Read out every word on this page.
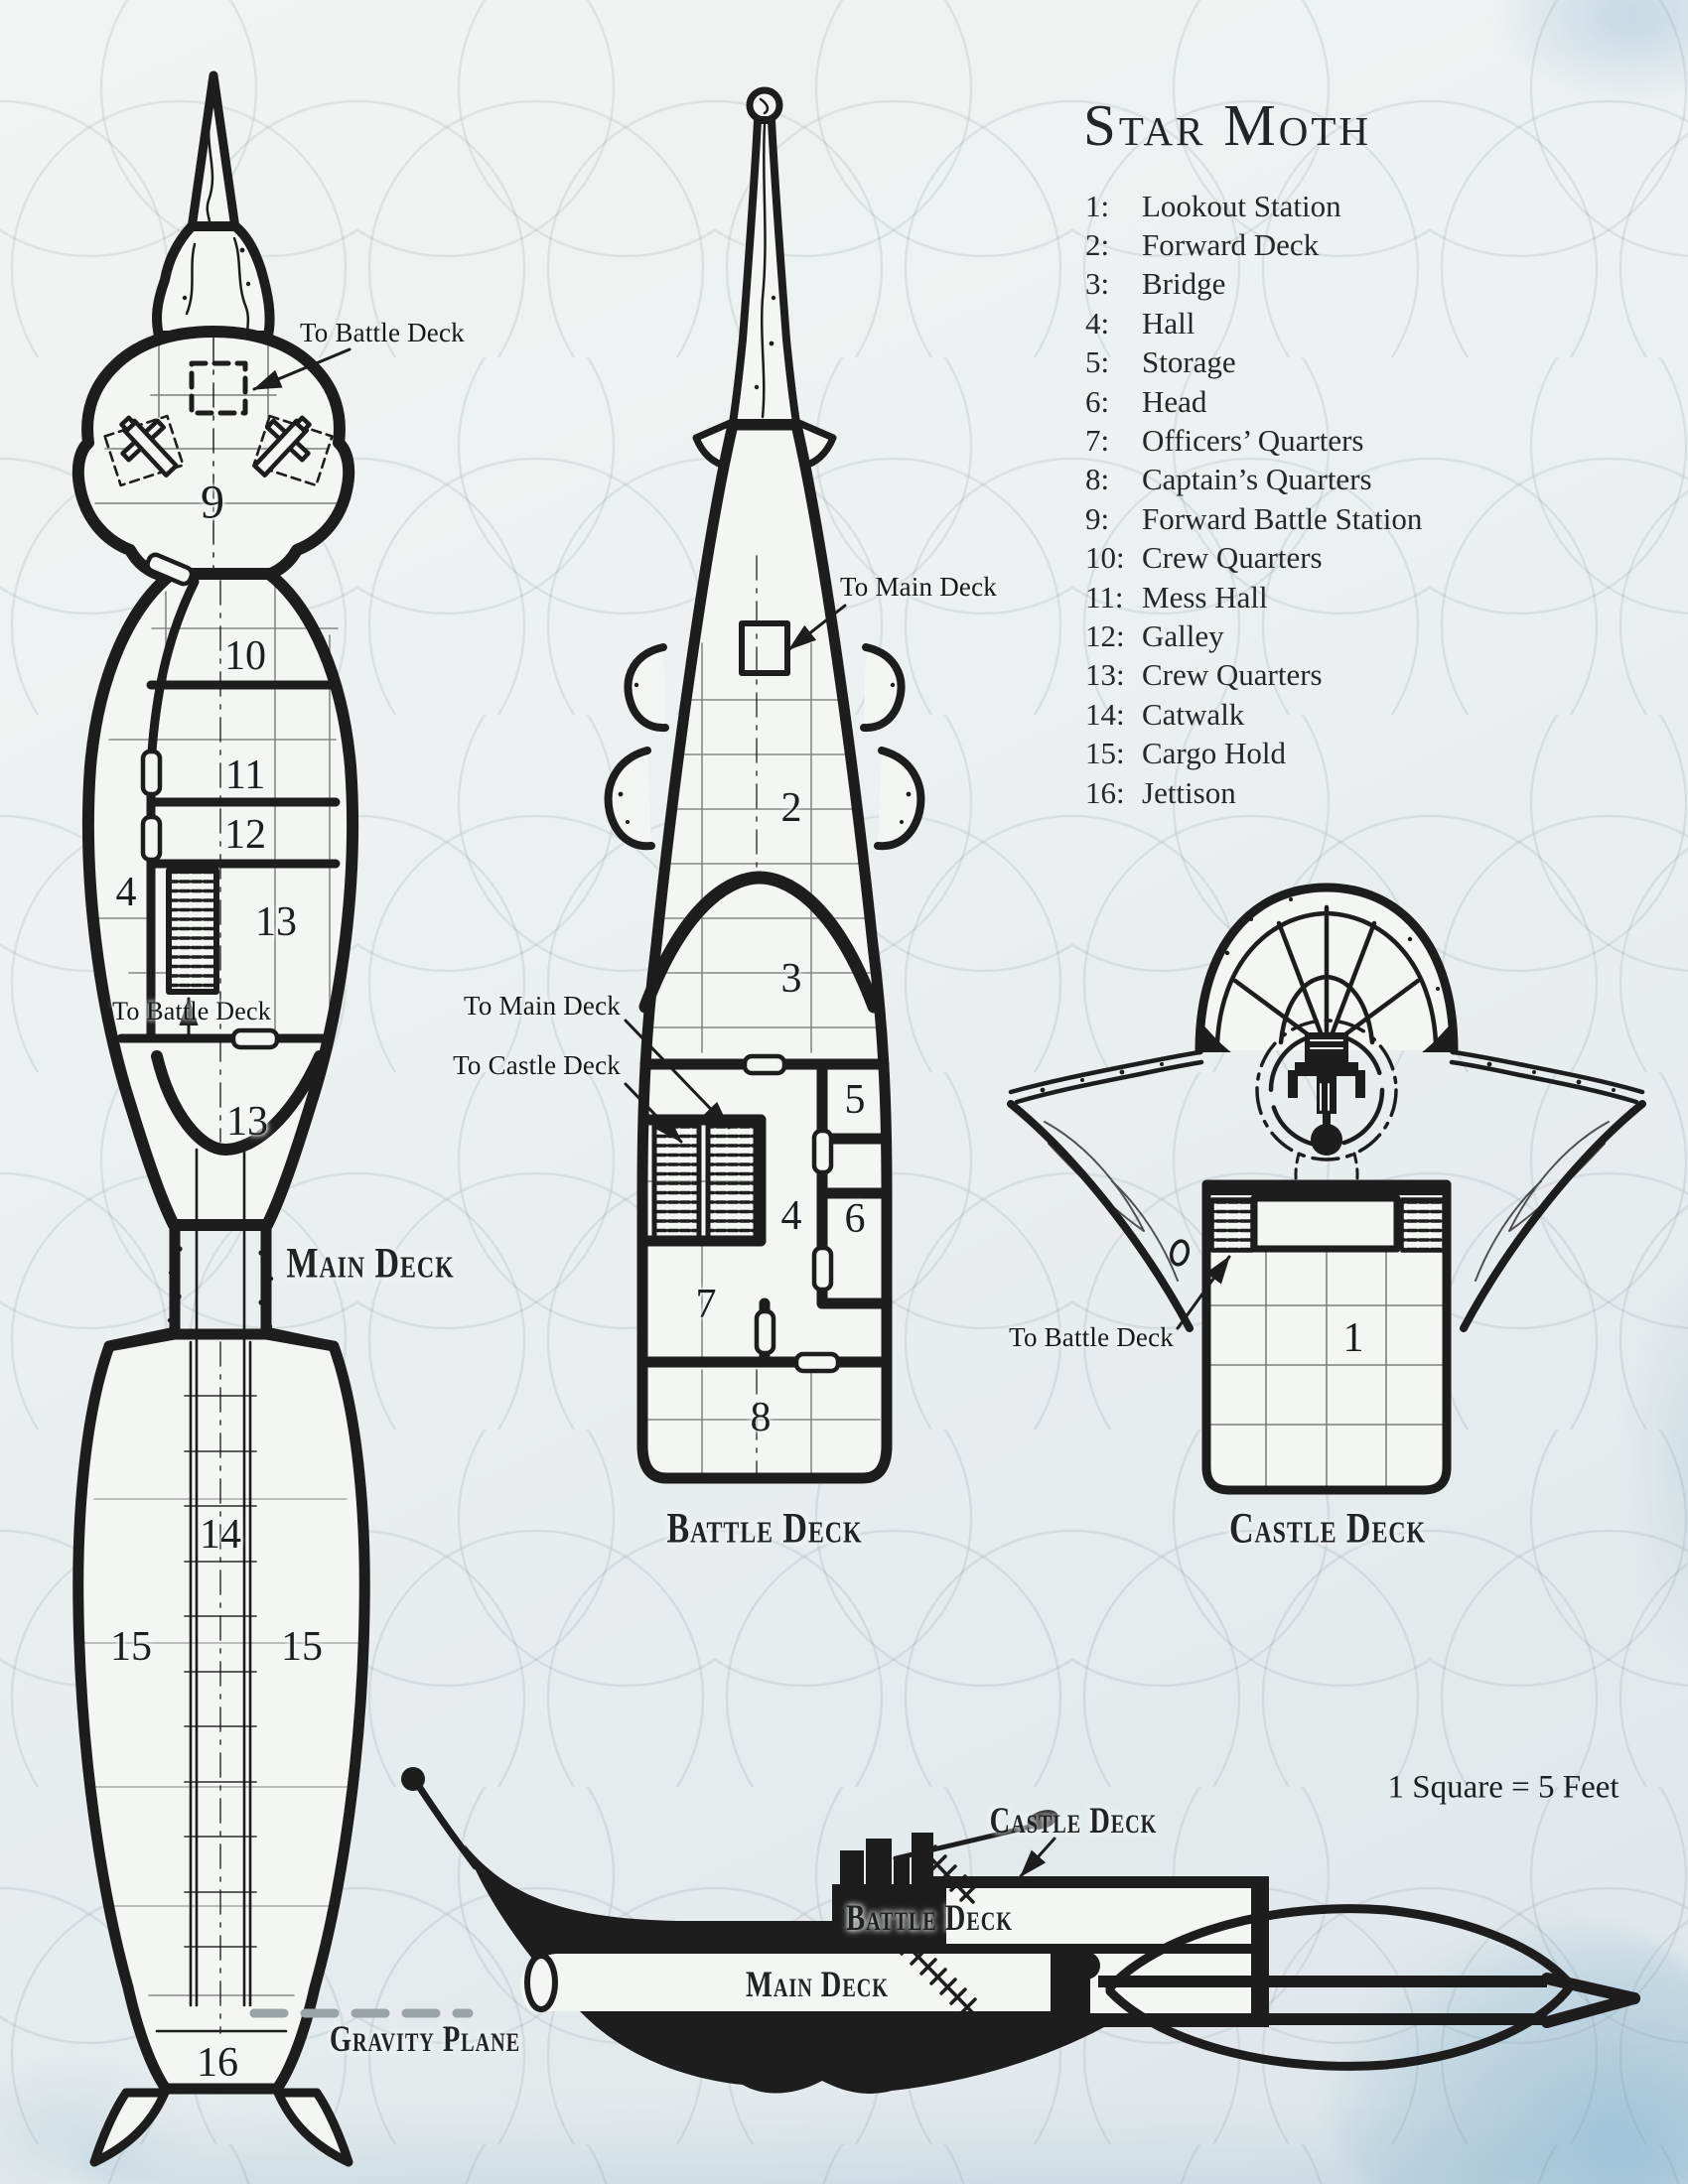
Star Moth
1:	Lookout Station
2:	Forward Deck
3:	Bridge
4:	Hall
5:	Storage
6:	Head
7:	Officers’ Quarters
8:	Captain’s Quarters
9:	Forward Battle Station
10: Crew Quarters
11: Mess Hall
12: Galley
13: Crew Quarters
14: Catwalk
15: Cargo Hold
16: Jettison
9
10
11
12
4
13
13
14
15	15
16
2
3
5
4 6
7
8
1
To Battle Deck
To Battle Deck
To Main Deck
To Main Deck
To Castle Deck
To Battle Deck
Main Deck
Battle Deck	Castle Deck
Castle Deck
Battle Deck
Main Deck
Gravity Plane
1 Square = 5 Feet
